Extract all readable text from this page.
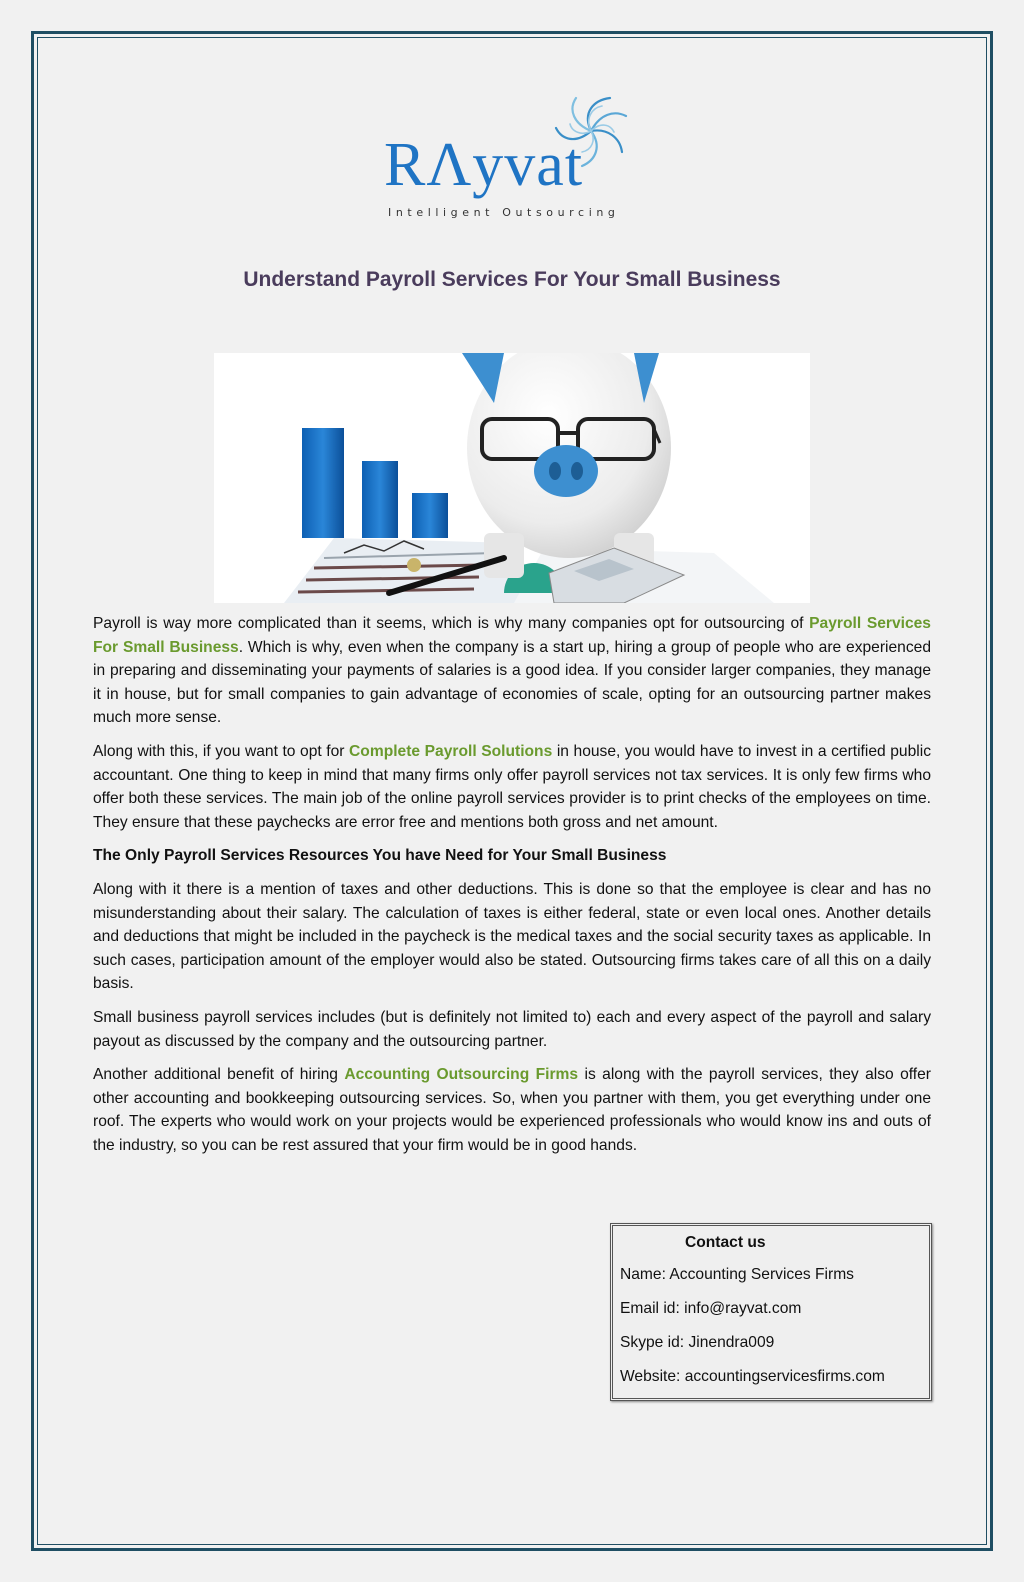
RΛyvat
Intelligent Outsourcing
Understand Payroll Services For Your Small Business

Payroll is way more complicated than it seems, which is why many companies opt for outsourcing of Payroll Services For Small Business. Which is why, even when the company is a start up, hiring a group of people who are experienced in preparing and disseminating your payments of salaries is a good idea. If you consider larger companies, they manage it in house, but for small companies to gain advantage of economies of scale, opting for an outsourcing partner makes much more sense.

Along with this, if you want to opt for Complete Payroll Solutions in house, you would have to invest in a certified public accountant. One thing to keep in mind that many firms only offer payroll services not tax services. It is only few firms who offer both these services. The main job of the online payroll services provider is to print checks of the employees on time. They ensure that these paychecks are error free and mentions both gross and net amount.

The Only Payroll Services Resources You have Need for Your Small Business

Along with it there is a mention of taxes and other deductions. This is done so that the employee is clear and has no misunderstanding about their salary. The calculation of taxes is either federal, state or even local ones. Another details and deductions that might be included in the paycheck is the medical taxes and the social security taxes as applicable. In such cases, participation amount of the employer would also be stated. Outsourcing firms takes care of all this on a daily basis.

Small business payroll services includes (but is definitely not limited to) each and every aspect of the payroll and salary payout as discussed by the company and the outsourcing partner.

Another additional benefit of hiring Accounting Outsourcing Firms is along with the payroll services, they also offer other accounting and bookkeeping outsourcing services. So, when you partner with them, you get everything under one roof. The experts who would work on your projects would be experienced professionals who would know ins and outs of the industry, so you can be rest assured that your firm would be in good hands.

Contact us
Name: Accounting Services Firms
Email id: info@rayvat.com
Skype id: Jinendra009
Website: accountingservicesfirms.com
